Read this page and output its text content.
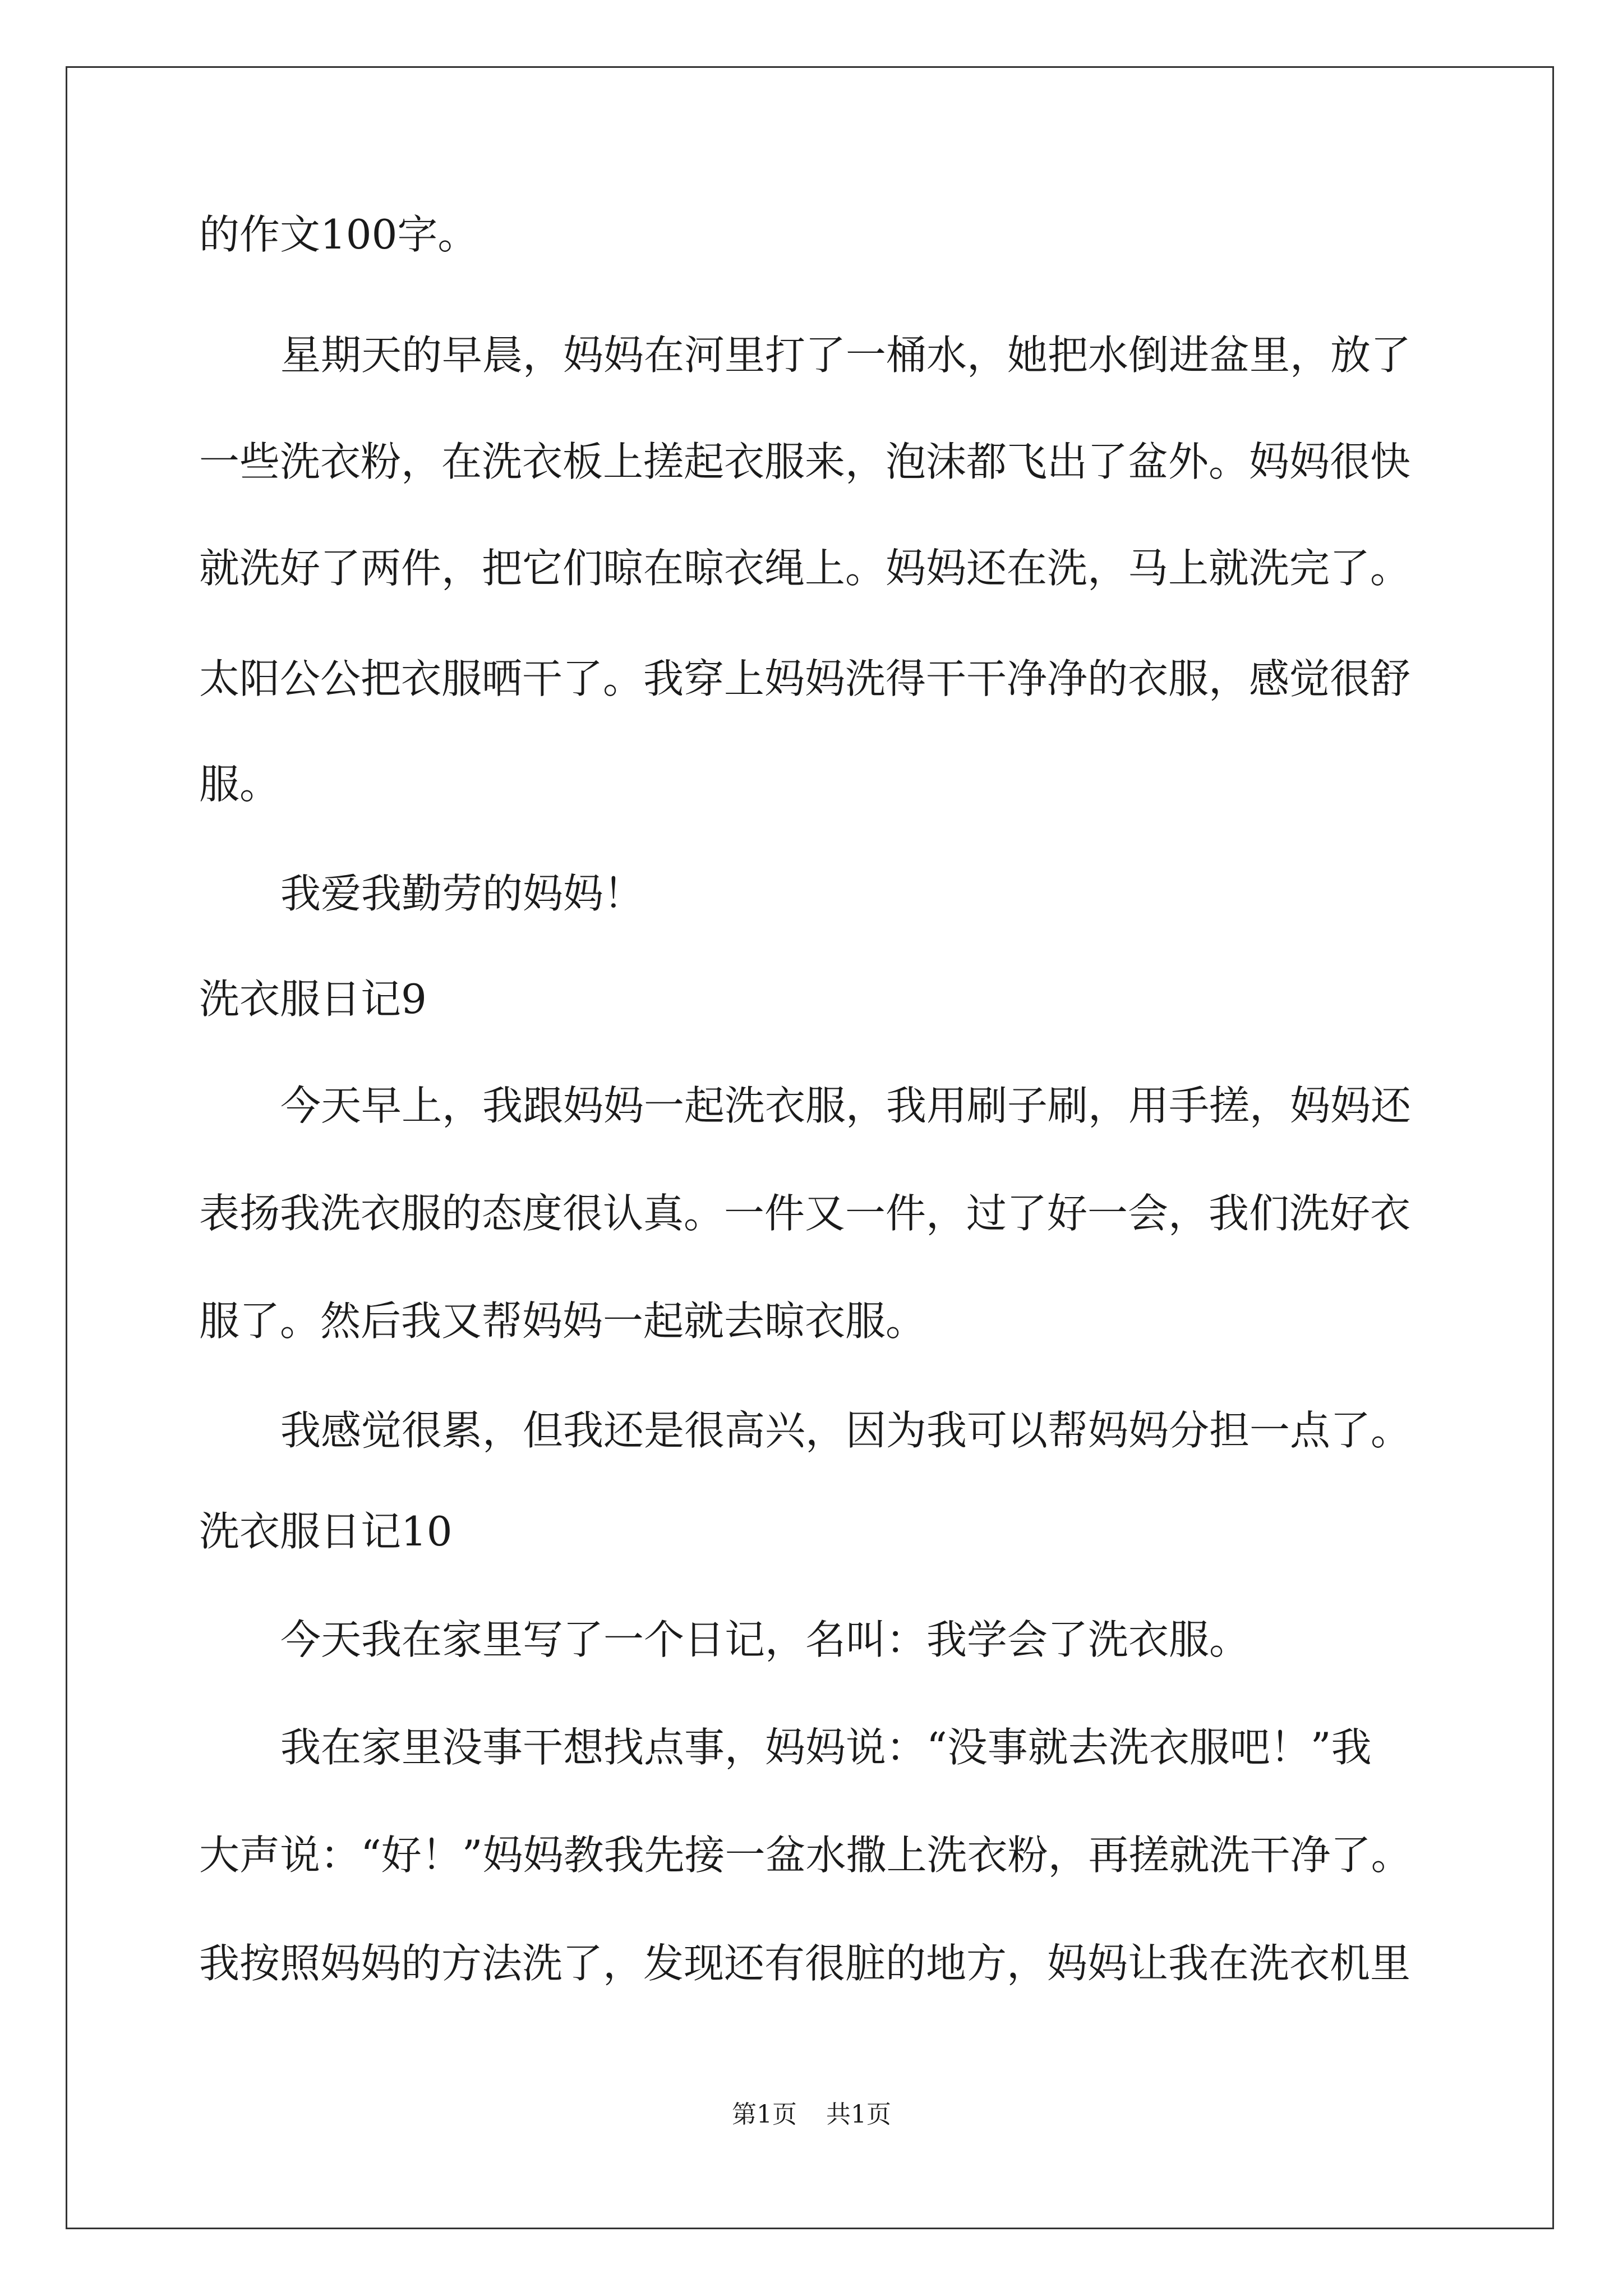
的作文100字。
星期天的早晨，妈妈在河里打了一桶水，她把水倒进盆里，放了
一些洗衣粉，在洗衣板上搓起衣服来，泡沫都飞出了盆外。妈妈很快
就洗好了两件，把它们晾在晾衣绳上。妈妈还在洗，马上就洗完了。
太阳公公把衣服晒干了。我穿上妈妈洗得干干净净的衣服，感觉很舒
服。
我爱我勤劳的妈妈！
洗衣服日记9
今天早上，我跟妈妈一起洗衣服，我用刷子刷，用手搓，妈妈还
表扬我洗衣服的态度很认真。一件又一件，过了好一会，我们洗好衣
服了。然后我又帮妈妈一起就去晾衣服。
我感觉很累，但我还是很高兴，因为我可以帮妈妈分担一点了。
洗衣服日记10
今天我在家里写了一个日记，名叫：我学会了洗衣服。
我在家里没事干想找点事，妈妈说：“没事就去洗衣服吧！”我
大声说：“好！”妈妈教我先接一盆水撒上洗衣粉，再搓就洗干净了。
我按照妈妈的方法洗了，发现还有很脏的地方，妈妈让我在洗衣机里
第1页 共1页
